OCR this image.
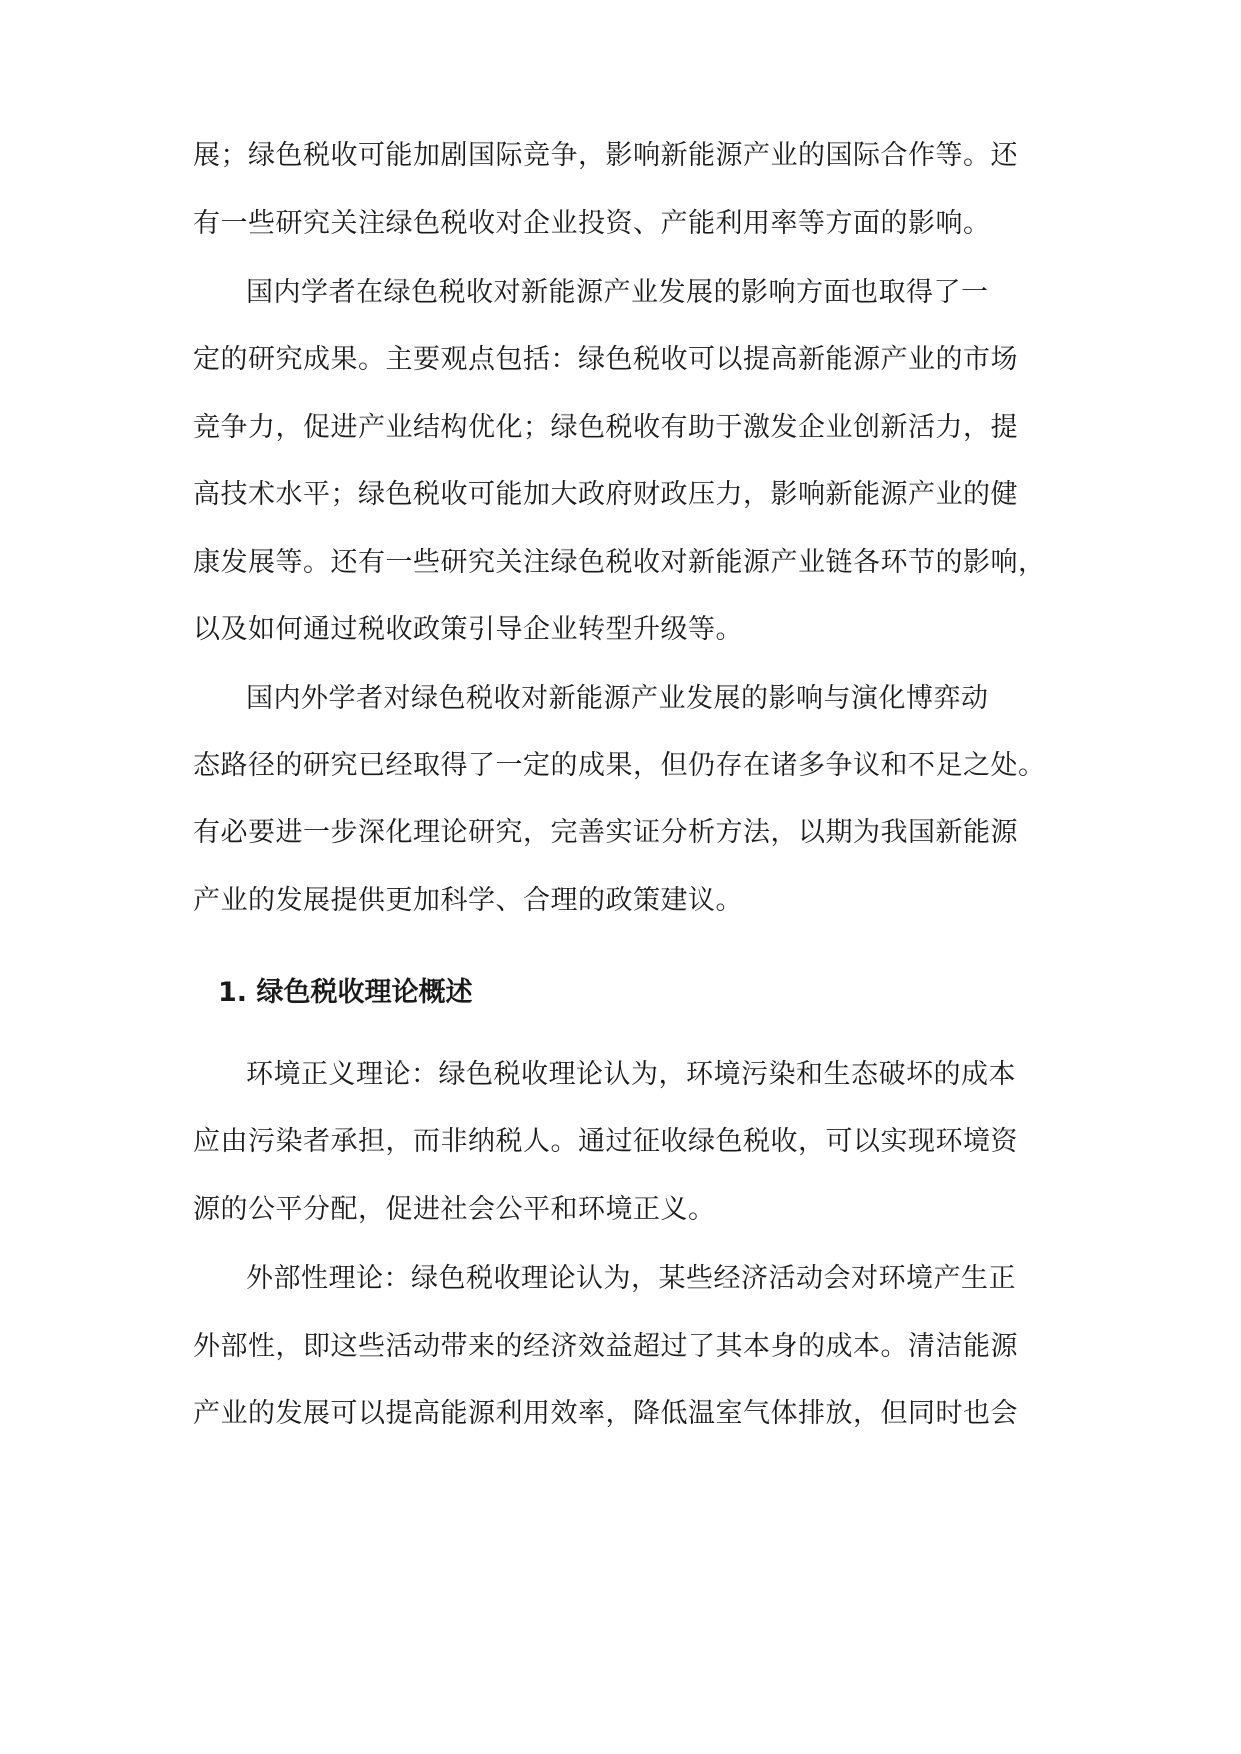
展；绿色税收可能加剧国际竞争，影响新能源产业的国际合作等。还
有一些研究关注绿色税收对企业投资、产能利用率等方面的影响。
国内学者在绿色税收对新能源产业发展的影响方面也取得了一
定的研究成果。主要观点包括：绿色税收可以提高新能源产业的市场
竞争力，促进产业结构优化；绿色税收有助于激发企业创新活力，提
高技术水平；绿色税收可能加大政府财政压力，影响新能源产业的健
康发展等。还有一些研究关注绿色税收对新能源产业链各环节的影响，
以及如何通过税收政策引导企业转型升级等。
国内外学者对绿色税收对新能源产业发展的影响与演化博弈动
态路径的研究已经取得了一定的成果，但仍存在诸多争议和不足之处。
有必要进一步深化理论研究，完善实证分析方法，以期为我国新能源
产业的发展提供更加科学、合理的政策建议。
1. 绿色税收理论概述
环境正义理论：绿色税收理论认为，环境污染和生态破坏的成本
应由污染者承担，而非纳税人。通过征收绿色税收，可以实现环境资
源的公平分配，促进社会公平和环境正义。
外部性理论：绿色税收理论认为，某些经济活动会对环境产生正
外部性，即这些活动带来的经济效益超过了其本身的成本。清洁能源
产业的发展可以提高能源利用效率，降低温室气体排放，但同时也会
